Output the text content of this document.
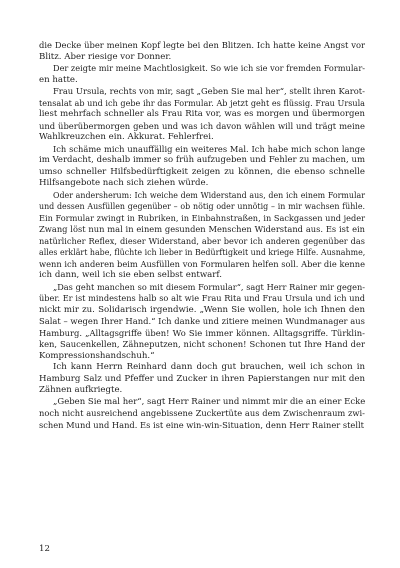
die Decke über meinen Kopf legte bei den Blitzen. Ich hatte keine Angst vor
Blitz. Aber riesige vor Donner.
Der zeigte mir meine Machtlosigkeit. So wie ich sie vor fremden Formular-
en hatte.
Frau Ursula, rechts von mir, sagt „Geben Sie mal her“, stellt ihren Karot-
tensalat ab und ich gebe ihr das Formular. Ab jetzt geht es flüssig. Frau Ursula
liest mehrfach schneller als Frau Rita vor, was es morgen und übermorgen
und überübermorgen geben und was ich davon wählen will und trägt meine
Wahlkreuzchen ein. Akkurat. Fehlerfrei.
Ich schäme mich unauffällig ein weiteres Mal. Ich habe mich schon lange
im Verdacht, deshalb immer so früh aufzugeben und Fehler zu machen, um
umso schneller Hilfsbedürftigkeit zeigen zu können, die ebenso schnelle
Hilfsangebote nach sich ziehen würde.
Oder andersherum: Ich weiche dem Widerstand aus, den ich einem Formular
und dessen Ausfüllen gegenüber – ob nötig oder unnötig – in mir wachsen fühle.
Ein Formular zwingt in Rubriken, in Einbahnstraßen, in Sackgassen und jeder
Zwang löst nun mal in einem gesunden Menschen Widerstand aus. Es ist ein
natürlicher Reflex, dieser Widerstand, aber bevor ich anderen gegenüber das
alles erklärt habe, flüchte ich lieber in Bedürftigkeit und kriege Hilfe. Ausnahme,
wenn ich anderen beim Ausfüllen von Formularen helfen soll. Aber die kenne
ich dann, weil ich sie eben selbst entwarf.
„Das geht manchen so mit diesem Formular“, sagt Herr Rainer mir gegen-
über. Er ist mindestens halb so alt wie Frau Rita und Frau Ursula und ich und
nickt mir zu. Solidarisch irgendwie. „Wenn Sie wollen, hole ich Ihnen den
Salat – wegen Ihrer Hand.“ Ich danke und zitiere meinen Wundmanager aus
Hamburg. „Alltagsgriffe üben! Wo Sie immer können. Alltagsgriffe. Türklin-
ken, Saucenkellen, Zähneputzen, nicht schonen! Schonen tut Ihre Hand der
Kompressionshandschuh.“
Ich kann Herrn Reinhard dann doch gut brauchen, weil ich schon in
Hamburg Salz und Pfeffer und Zucker in ihren Papierstangen nur mit den
Zähnen aufkriegte.
„Geben Sie mal her“, sagt Herr Rainer und nimmt mir die an einer Ecke
noch nicht ausreichend angebissene Zuckertüte aus dem Zwischenraum zwi-
schen Mund und Hand. Es ist eine win-win-Situation, denn Herr Rainer stellt
12
